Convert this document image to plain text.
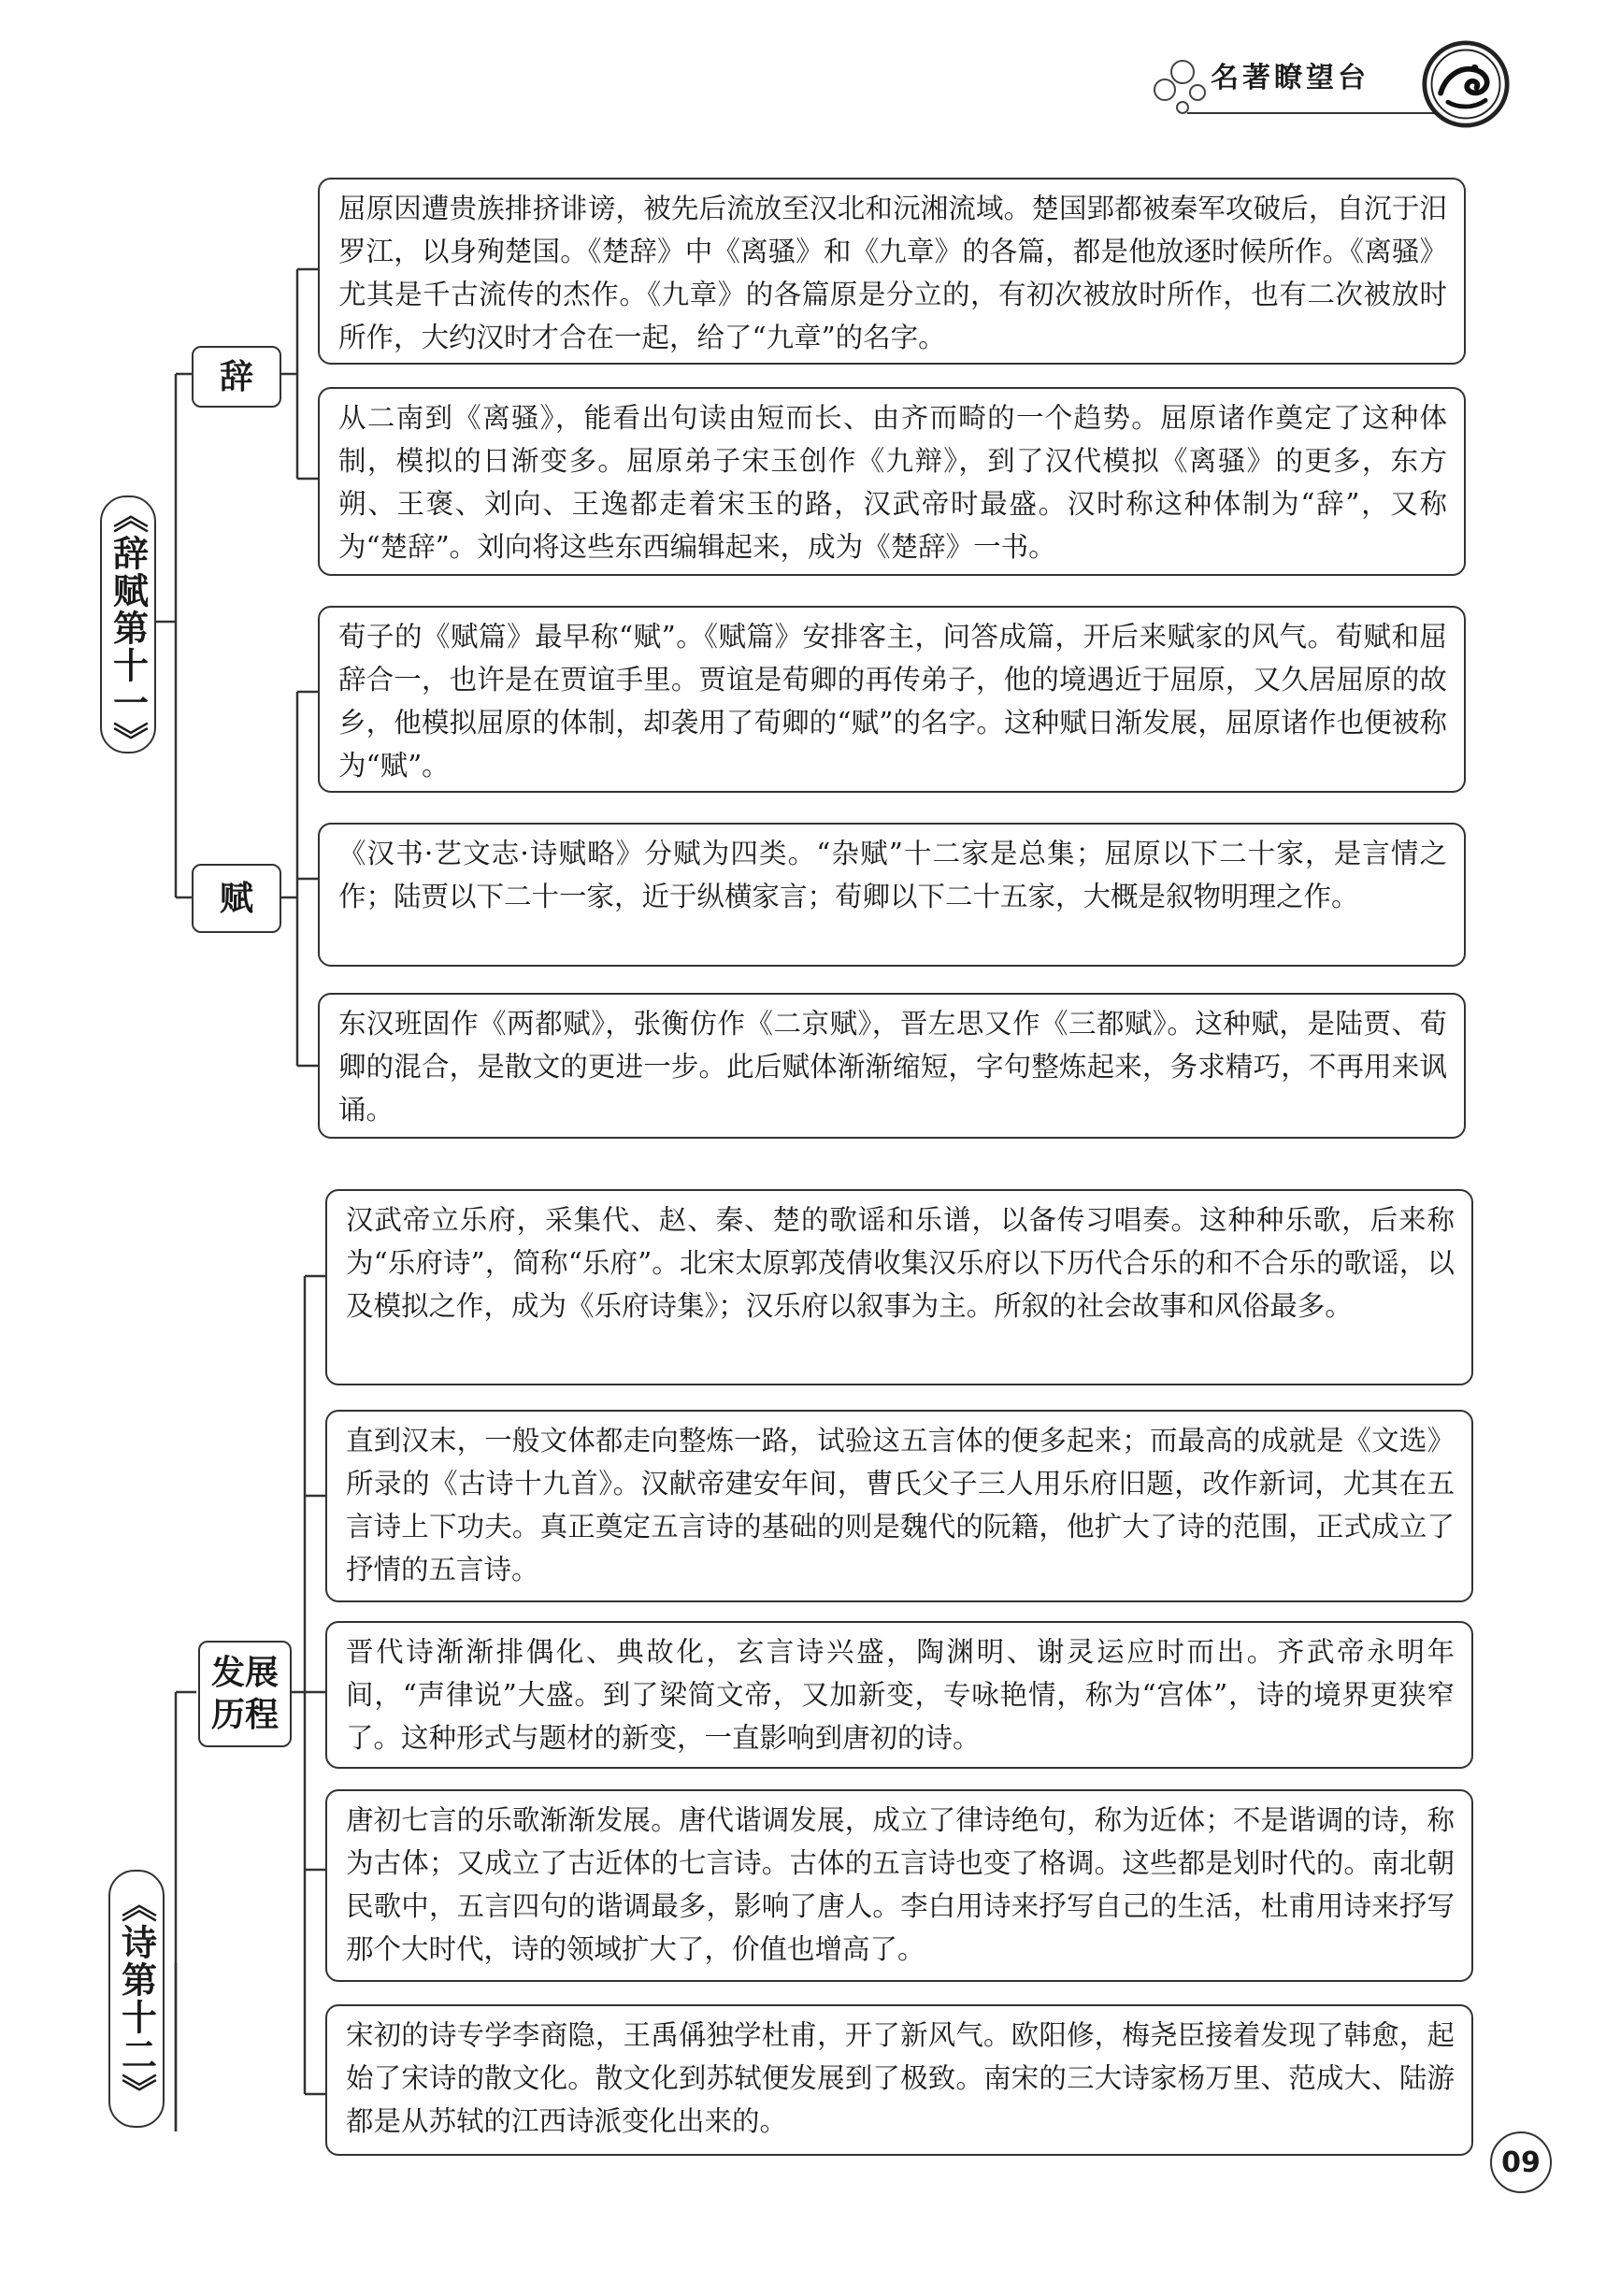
名著瞭望台
《辞赋第十一》
《诗第十二》
辞
赋
发展历程
屈原因遭贵族排挤诽谤，被先后流放至汉北和沅湘流域。楚国郢都被秦军攻破后，自沉于汨罗江，以身殉楚国。《楚辞》中《离骚》和《九章》的各篇，都是他放逐时候所作。《离骚》尤其是千古流传的杰作。《九章》的各篇原是分立的，有初次被放时所作，也有二次被放时所作，大约汉时才合在一起，给了“九章”的名字。
从二南到《离骚》，能看出句读由短而长、由齐而畸的一个趋势。屈原诸作奠定了这种体制，模拟的日渐变多。屈原弟子宋玉创作《九辩》，到了汉代模拟《离骚》的更多，东方朔、王褒、刘向、王逸都走着宋玉的路，汉武帝时最盛。汉时称这种体制为“辞”，又称为“楚辞”。刘向将这些东西编辑起来，成为《楚辞》一书。
荀子的《赋篇》最早称“赋”。《赋篇》安排客主，问答成篇，开后来赋家的风气。荀赋和屈辞合一，也许是在贾谊手里。贾谊是荀卿的再传弟子，他的境遇近于屈原，又久居屈原的故乡，他模拟屈原的体制，却袭用了荀卿的“赋”的名字。这种赋日渐发展，屈原诸作也便被称为“赋”。
《汉书·艺文志·诗赋略》分赋为四类。“杂赋”十二家是总集；屈原以下二十家，是言情之作；陆贾以下二十一家，近于纵横家言；荀卿以下二十五家，大概是叙物明理之作。
东汉班固作《两都赋》，张衡仿作《二京赋》，晋左思又作《三都赋》。这种赋，是陆贾、荀卿的混合，是散文的更进一步。此后赋体渐渐缩短，字句整炼起来，务求精巧，不再用来讽诵。
汉武帝立乐府，采集代、赵、秦、楚的歌谣和乐谱，以备传习唱奏。这种种乐歌，后来称为“乐府诗”，简称“乐府”。北宋太原郭茂倩收集汉乐府以下历代合乐的和不合乐的歌谣，以及模拟之作，成为《乐府诗集》；汉乐府以叙事为主。所叙的社会故事和风俗最多。
直到汉末，一般文体都走向整炼一路，试验这五言体的便多起来；而最高的成就是《文选》所录的《古诗十九首》。汉献帝建安年间，曹氏父子三人用乐府旧题，改作新词，尤其在五言诗上下功夫。真正奠定五言诗的基础的则是魏代的阮籍，他扩大了诗的范围，正式成立了抒情的五言诗。
晋代诗渐渐排偶化、典故化，玄言诗兴盛，陶渊明、谢灵运应时而出。齐武帝永明年间，“声律说”大盛。到了梁简文帝，又加新变，专咏艳情，称为“宫体”，诗的境界更狭窄了。这种形式与题材的新变，一直影响到唐初的诗。
唐初七言的乐歌渐渐发展。唐代谐调发展，成立了律诗绝句，称为近体；不是谐调的诗，称为古体；又成立了古近体的七言诗。古体的五言诗也变了格调。这些都是划时代的。南北朝民歌中，五言四句的谐调最多，影响了唐人。李白用诗来抒写自己的生活，杜甫用诗来抒写那个大时代，诗的领域扩大了，价值也增高了。
宋初的诗专学李商隐，王禹偁独学杜甫，开了新风气。欧阳修，梅尧臣接着发现了韩愈，起始了宋诗的散文化。散文化到苏轼便发展到了极致。南宋的三大诗家杨万里、范成大、陆游都是从苏轼的江西诗派变化出来的。
09
